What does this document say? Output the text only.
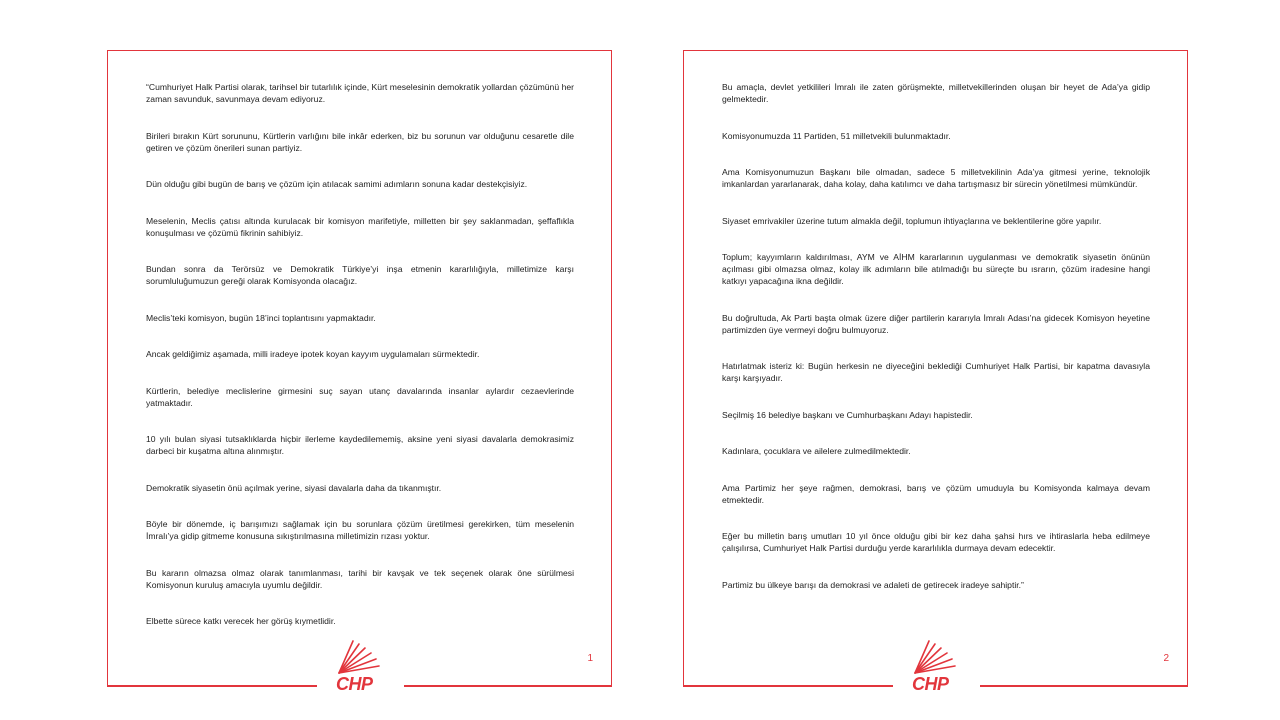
“Cumhuriyet Halk Partisi olarak, tarihsel bir tutarlılık içinde, Kürt meselesinin demokratik yollardan çözümünü her zaman savunduk, savunmaya devam ediyoruz.

Birileri bırakın Kürt sorununu, Kürtlerin varlığını bile inkâr ederken, biz bu sorunun var olduğunu cesaretle dile getiren ve çözüm önerileri sunan partiyiz.

Dün olduğu gibi bugün de barış ve çözüm için atılacak samimi adımların sonuna kadar destekçisiyiz.

Meselenin, Meclis çatısı altında kurulacak bir komisyon marifetiyle, milletten bir şey saklanmadan, şeffaflıkla konuşulması ve çözümü fikrinin sahibiyiz.

Bundan sonra da Terörsüz ve Demokratik Türkiye’yi inşa etmenin kararlılığıyla, milletimize karşı sorumluluğumuzun gereği olarak Komisyonda olacağız.

Meclis’teki komisyon, bugün 18’inci toplantısını yapmaktadır.

Ancak geldiğimiz aşamada, milli iradeye ipotek koyan kayyım uygulamaları sürmektedir.

Kürtlerin, belediye meclislerine girmesini suç sayan utanç davalarında insanlar aylardır cezaevlerinde yatmaktadır.

10 yılı bulan siyasi tutsaklıklarda hiçbir ilerleme kaydedilememiş, aksine yeni siyasi davalarla demokrasimiz darbeci bir kuşatma altına alınmıştır.

Demokratik siyasetin önü açılmak yerine, siyasi davalarla daha da tıkanmıştır.

Böyle bir dönemde, iç barışımızı sağlamak için bu sorunlara çözüm üretilmesi gerekirken, tüm meselenin İmralı’ya gidip gitmeme konusuna sıkıştırılmasına milletimizin rızası yoktur.

Bu kararın olmazsa olmaz olarak tanımlanması, tarihi bir kavşak ve tek seçenek olarak öne sürülmesi Komisyonun kuruluş amacıyla uyumlu değildir.

Elbette sürece katkı verecek her görüş kıymetlidir.

CHP
1

Bu amaçla, devlet yetkilileri İmralı ile zaten görüşmekte, milletvekillerinden oluşan bir heyet de Ada’ya gidip gelmektedir.

Komisyonumuzda 11 Partiden, 51 milletvekili bulunmaktadır.

Ama Komisyonumuzun Başkanı bile olmadan, sadece 5 milletvekilinin Ada’ya gitmesi yerine, teknolojik imkanlardan yararlanarak, daha kolay, daha katılımcı ve daha tartışmasız bir sürecin yönetilmesi mümkündür.

Siyaset emrivakiler üzerine tutum almakla değil, toplumun ihtiyaçlarına ve beklentilerine göre yapılır.

Toplum; kayyımların kaldırılması, AYM ve AİHM kararlarının uygulanması ve demokratik siyasetin önünün açılması gibi olmazsa olmaz, kolay ilk adımların bile atılmadığı bu süreçte bu ısrarın, çözüm iradesine hangi katkıyı yapacağına ikna değildir.

Bu doğrultuda, Ak Parti başta olmak üzere diğer partilerin kararıyla İmralı Adası’na gidecek Komisyon heyetine partimizden üye vermeyi doğru bulmuyoruz.

Hatırlatmak isteriz ki: Bugün herkesin ne diyeceğini beklediği Cumhuriyet Halk Partisi, bir kapatma davasıyla karşı karşıyadır.

Seçilmiş 16 belediye başkanı ve Cumhurbaşkanı Adayı hapistedir.

Kadınlara, çocuklara ve ailelere zulmedilmektedir.

Ama Partimiz her şeye rağmen, demokrasi, barış ve çözüm umuduyla bu Komisyonda kalmaya devam etmektedir.

Eğer bu milletin barış umutları 10 yıl önce olduğu gibi bir kez daha şahsi hırs ve ihtiraslarla heba edilmeye çalışılırsa, Cumhuriyet Halk Partisi durduğu yerde kararlılıkla durmaya devam edecektir.

Partimiz bu ülkeye barışı da demokrasi ve adaleti de getirecek iradeye sahiptir.”

CHP
2
